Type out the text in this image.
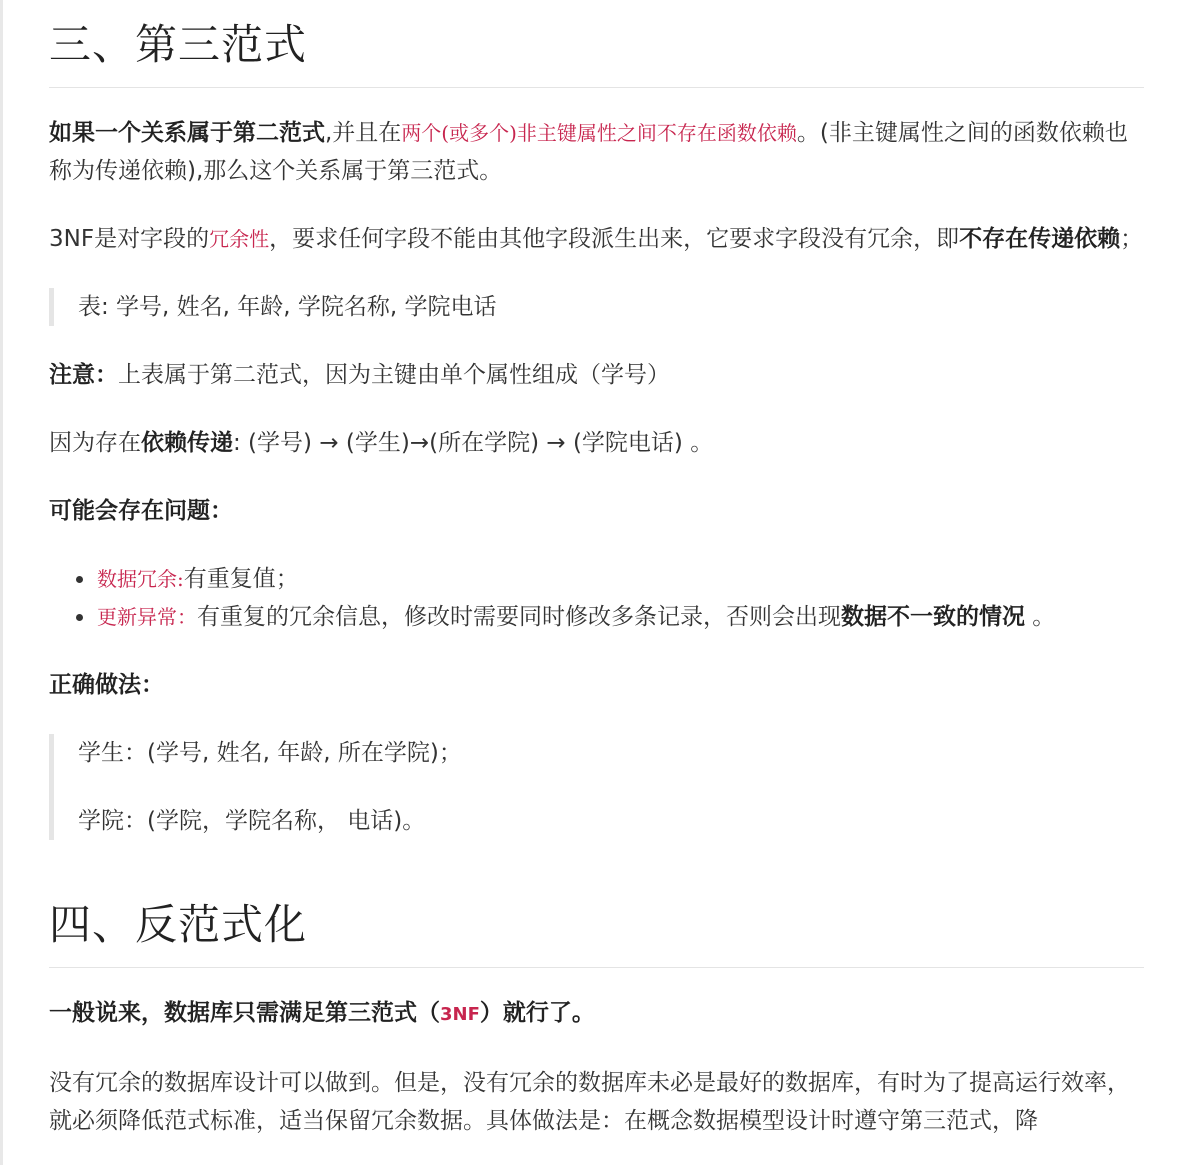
三、第三范式

如果一个关系属于第二范式,并且在两个(或多个)非主键属性之间不存在函数依赖。(非主键属性之间的函数依赖也称为传递依赖),那么这个关系属于第三范式。

3NF是对字段的冗余性，要求任何字段不能由其他字段派生出来，它要求字段没有冗余，即不存在传递依赖；

表: 学号, 姓名, 年龄, 学院名称, 学院电话

注意：上表属于第二范式，因为主键由单个属性组成（学号）

因为存在依赖传递: (学号) → (学生)→(所在学院) → (学院电话) 。

可能会存在问题：

数据冗余:有重复值；
更新异常：有重复的冗余信息，修改时需要同时修改多条记录，否则会出现数据不一致的情况 。

正确做法：

学生：(学号, 姓名, 年龄, 所在学院)；

学院：(学院，学院名称， 电话)。

四、反范式化

一般说来，数据库只需满足第三范式（3NF）就行了。

没有冗余的数据库设计可以做到。但是，没有冗余的数据库未必是最好的数据库，有时为了提高运行效率，就必须降低范式标准，适当保留冗余数据。具体做法是：在概念数据模型设计时遵守第三范式，降
